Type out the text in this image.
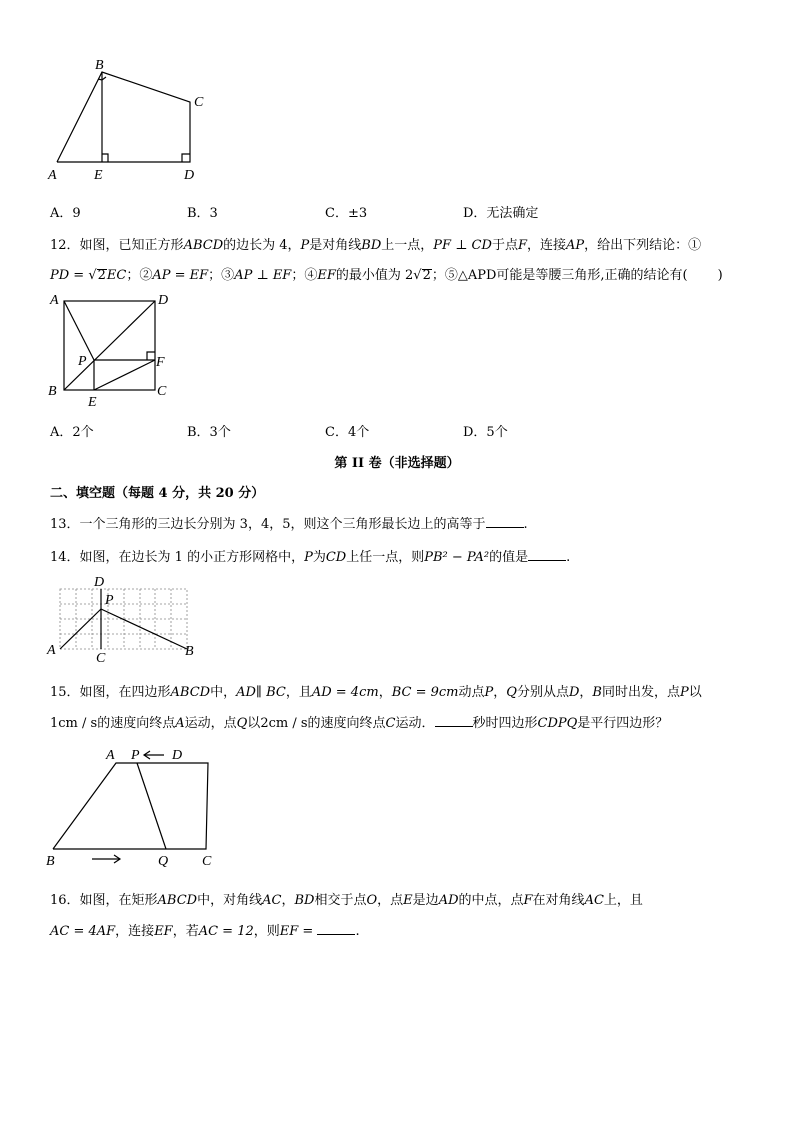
A	E	D
B
C
A．9	B．3	C．±3	D．无法确定
12．如图，已知正方形ABCD的边长为 4，P是对角线BD上一点，PF ⊥ CD于点F，连接AP，给出下列结论：①
PD = √2EC；②AP = EF；③AP ⊥ EF；④EF的最小值为 2√2；⑤△APD可能是等腰三角形,正确的结论有( )
A	D
P	F
B
E
C
A．2个	B．3个	C．4个	D．5个
第 II 卷（非选择题）
二、填空题（每题 4 分，共 20 分）
13．一个三角形的三边长分别为 3，4，5，则这个三角形最长边上的高等于	.
14．如图，在边长为 1 的小正方形网格中，P为CD上任一点，则PB² − PA²的值是	.
D
P
A
C	B
15．如图，在四边形ABCD中，AD∥ BC，且AD = 4cm，BC = 9cm动点P，Q分别从点D，B同时出发，点P以
1cm / s的速度向终点A运动，点Q以2cm / s的速度向终点C运动．	秒时四边形CDPQ是平行四边形？
A P D
B	Q C
16．如图，在矩形ABCD中，对角线AC，BD相交于点O，点E是边AD的中点，点F在对角线AC上，且
AC = 4AF，连接EF，若AC = 12，则EF =	.
